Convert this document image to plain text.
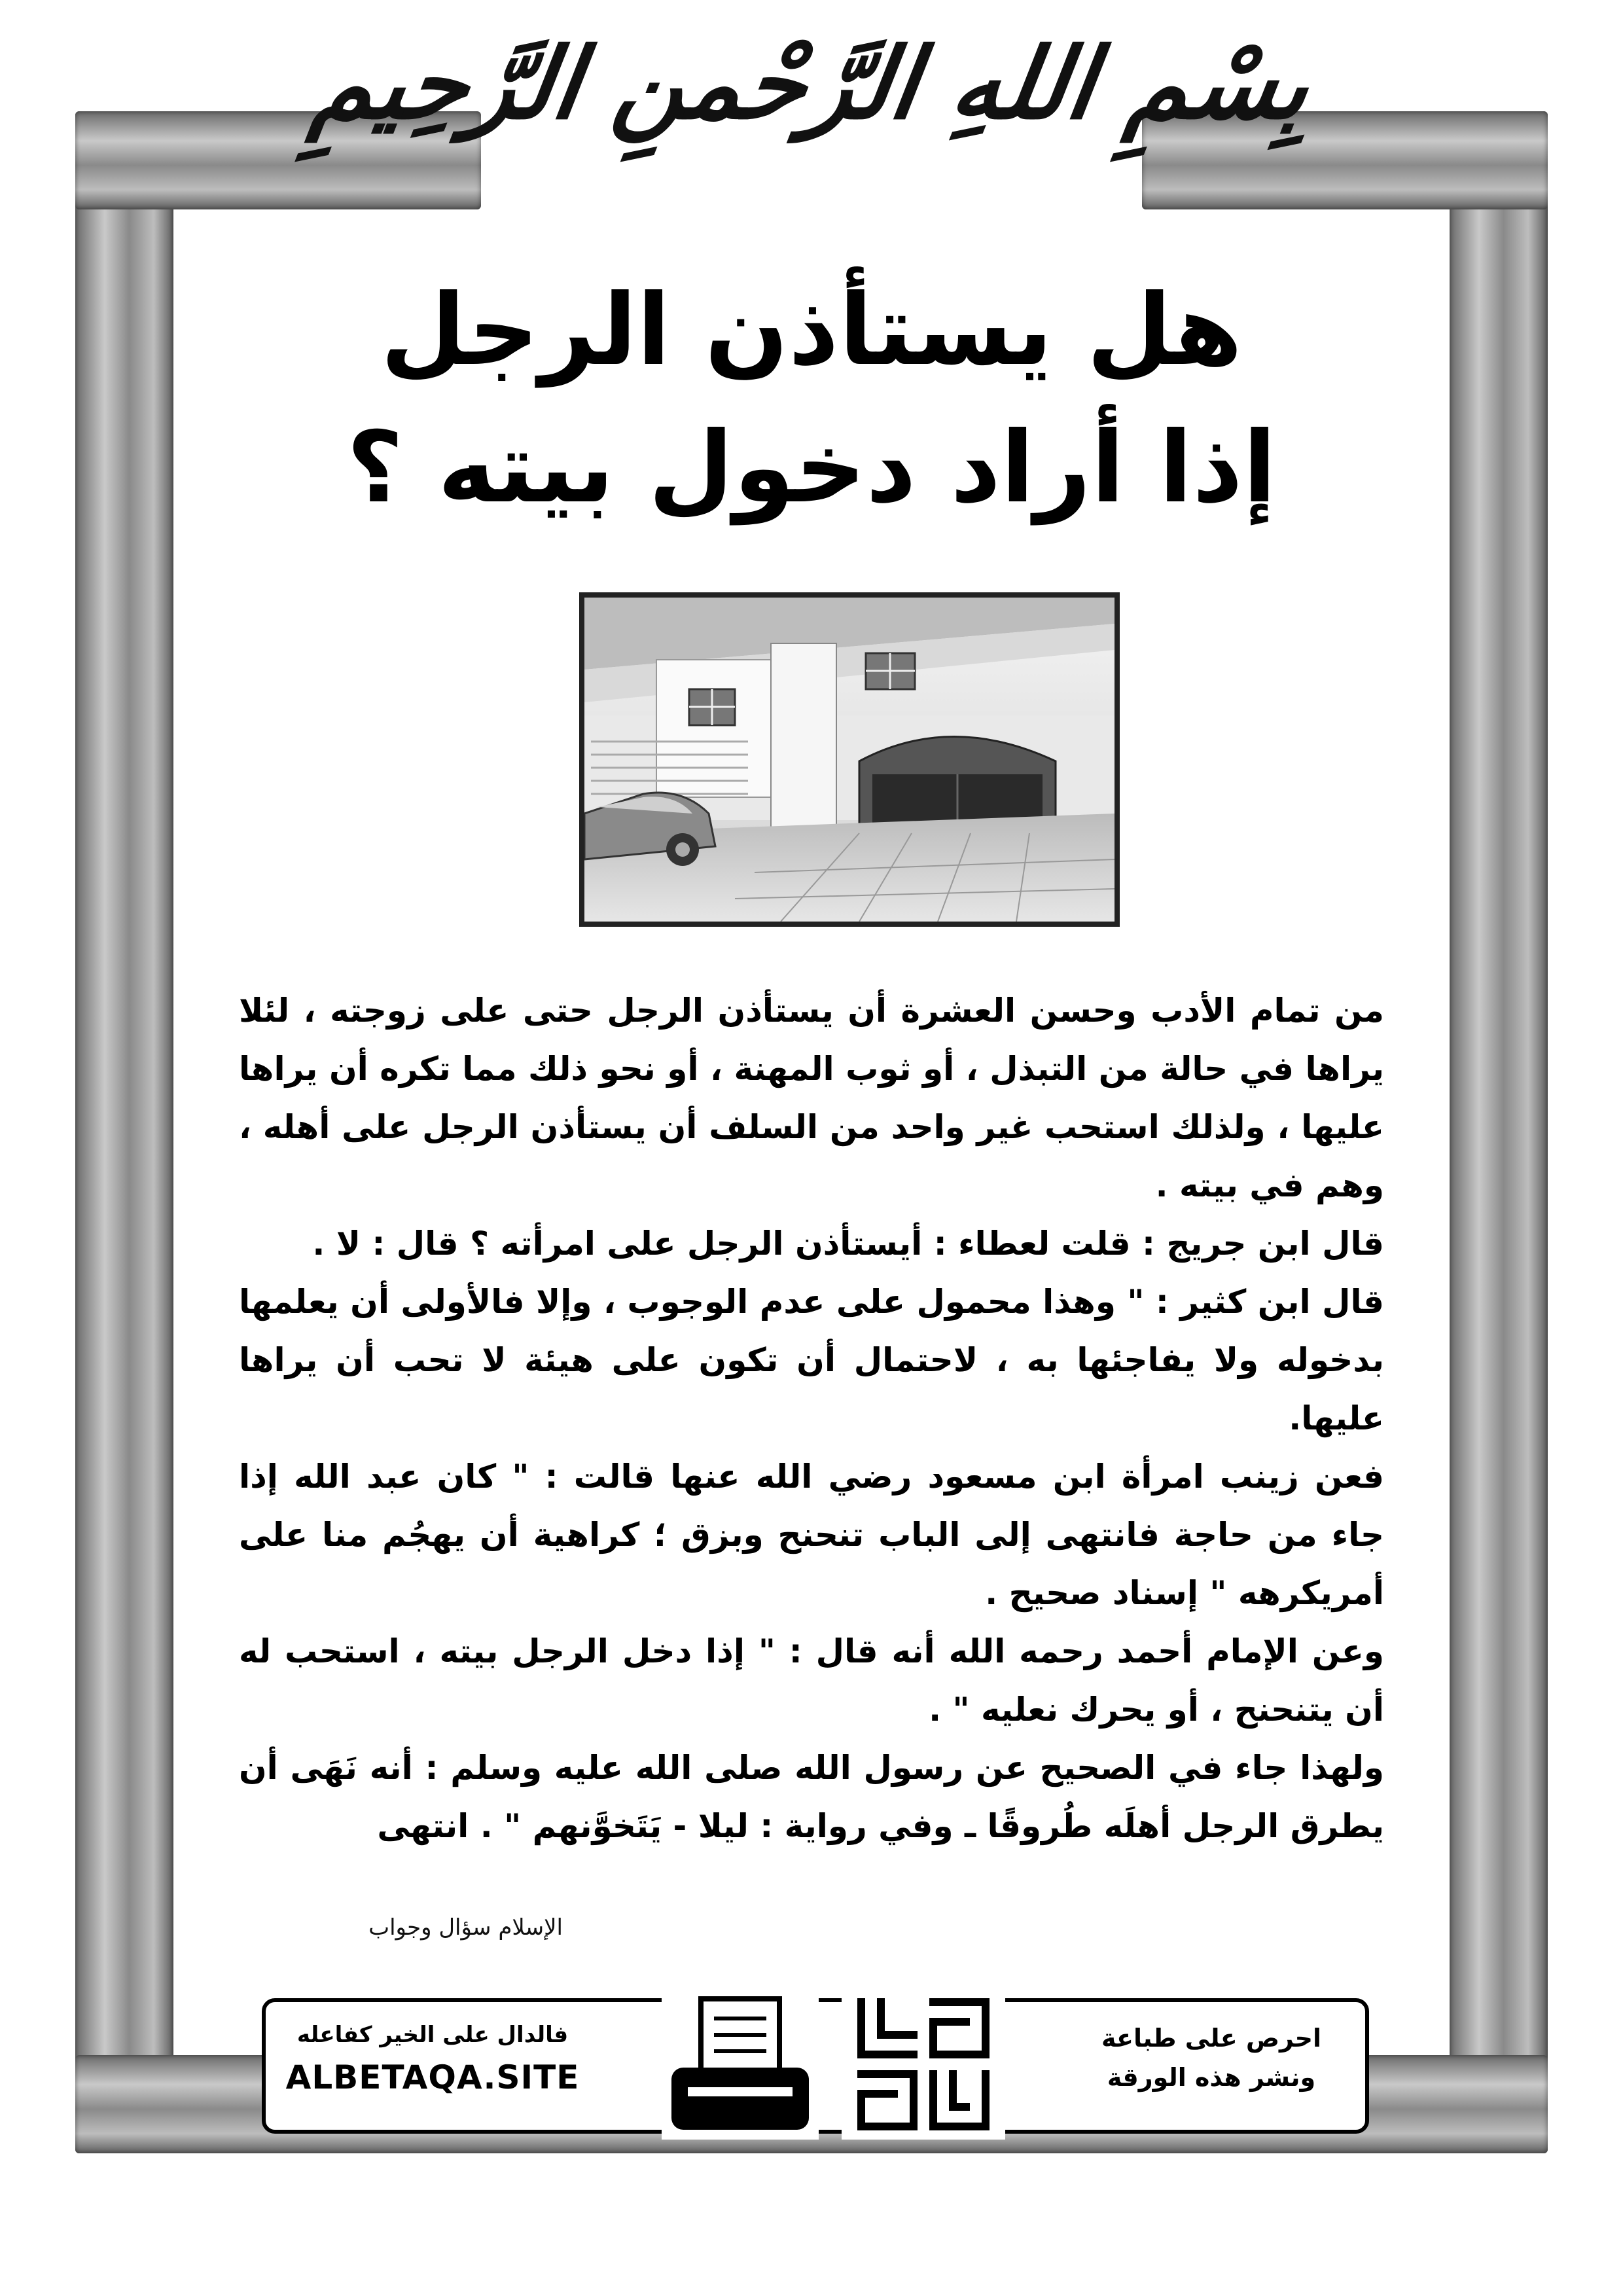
بِسْمِ اللهِ الرَّحْمنِ الرَّحِيمِ
هل يستأذن الرجل
إذا أراد دخول بيته ؟

من تمام الأدب وحسن العشرة أن يستأذن الرجل حتى على زوجته ، لئلا يراها في حالة من التبذل ، أو ثوب المهنة ، أو نحو ذلك مما تكره أن يراها عليها ، ولذلك استحب غير واحد من السلف أن يستأذن الرجل على أهله ، وهم في بيته .

قال ابن جريج : قلت لعطاء : أيستأذن الرجل على امرأته ؟ قال : لا .

قال ابن كثير : " وهذا محمول على عدم الوجوب ، وإلا فالأولى أن يعلمها بدخوله ولا يفاجئها به ، لاحتمال أن تكون على هيئة لا تحب أن يراها عليها.

فعن زينب امرأة ابن مسعود رضي الله عنها قالت : " كان عبد الله إذا جاء من حاجة فانتهى إلى الباب تنحنح وبزق ؛ كراهية أن يهجُم منا على أمريكرهه " إسناد صحيح .

وعن الإمام أحمد رحمه الله أنه قال : " إذا دخل الرجل بيته ، استحب له أن يتنحنح ، أو يحرك نعليه " .

ولهذا جاء في الصحيح عن رسول الله صلى الله عليه وسلم : أنه نَهَى أن يطرق الرجل أهلَه طُروقًا ـ وفي رواية : ليلا - يَتَخوَّنهم " . انتهى

الإسلام سؤال وجواب
احرص على طباعة
ونشر هذه الورقة
فالدال على الخير كفاعله
ALBETAQA.SITE
